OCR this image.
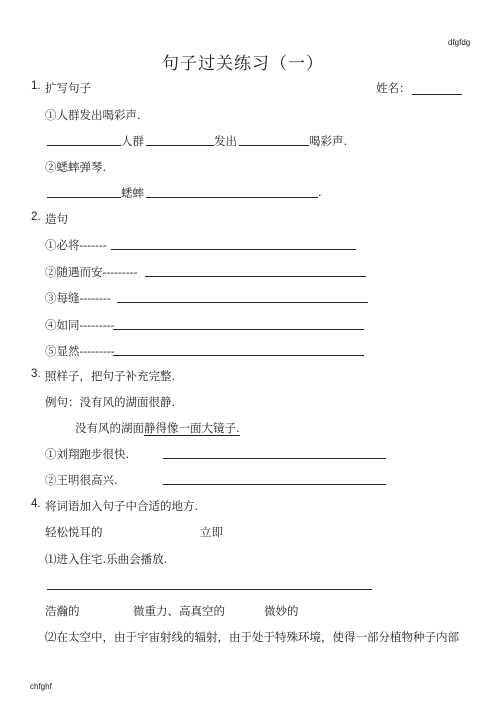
dfgfdg
chfghf
句子过关练习（一）
1. 扩写句子	姓名：
①人群发出喝彩声.
人群	发出	喝彩声.
②蟋蟀弹琴.
蟋蟀	.
2. 造句
①必将-------
②随遇而安---------
③每缝--------
④如同---------
⑤显然---------
3. 照样子，把句子补充完整.
例句：没有风的湖面很静.
没有风的湖面静得像一面大镜子.
①刘翔跑步很快.
②王明很高兴.
4. 将词语加入句子中合适的地方.
轻松悦耳的	立即
⑴进入住宅.乐曲会播放.
浩瀚的	微重力、高真空的	微妙的
⑵在太空中，由于宇宙射线的辐射，由于处于特殊环境，使得一部分植物种子内部
